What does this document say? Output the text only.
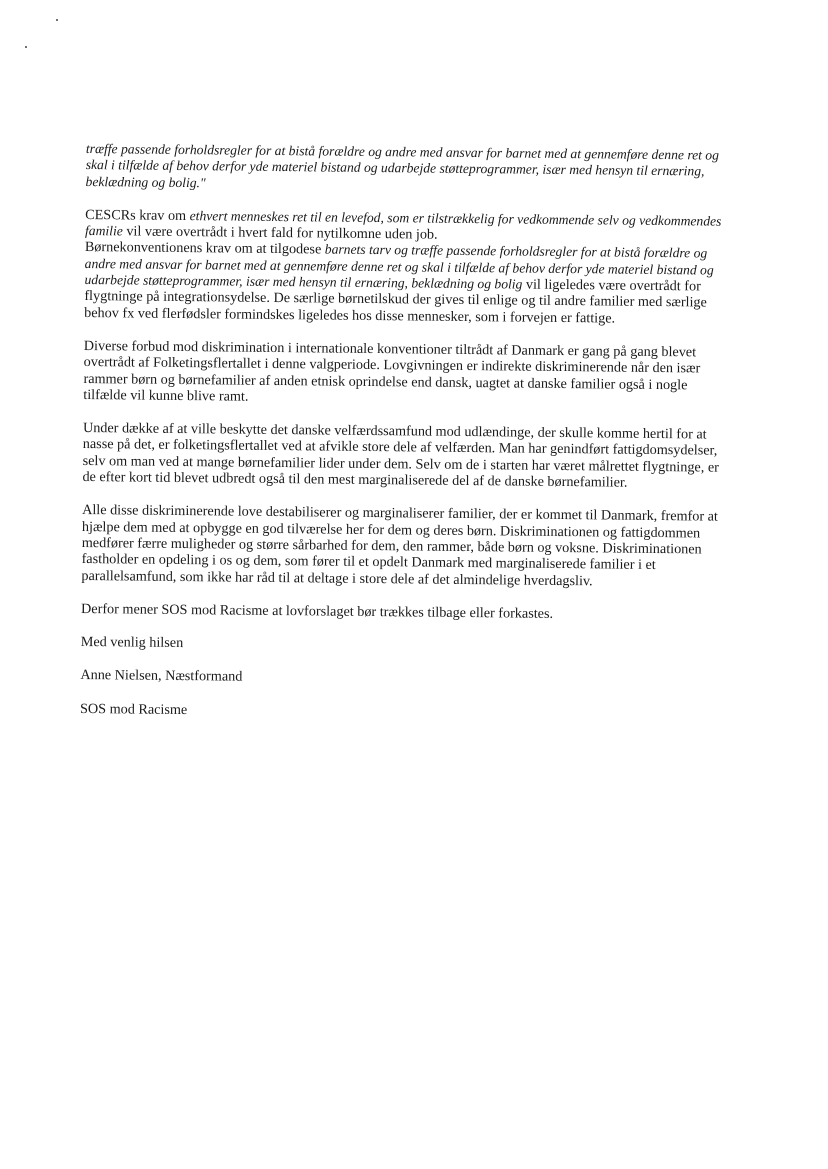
træffe passende forholdsregler for at bistå forældre og andre med ansvar for barnet med at gennemføre denne ret og skal i tilfælde af behov derfor yde materiel bistand og udarbejde støtteprogrammer, især med hensyn til ernæring, beklædning og bolig."

CESCRs krav om ethvert menneskes ret til en levefod, som er tilstrækkelig for vedkommende selv og vedkommendes familie vil være overtrådt i hvert fald for nytilkomne uden job.
Børnekonventionens krav om at tilgodese barnets tarv og træffe passende forholdsregler for at bistå forældre og andre med ansvar for barnet med at gennemføre denne ret og skal i tilfælde af behov derfor yde materiel bistand og udarbejde støtteprogrammer, især med hensyn til ernæring, beklædning og bolig vil ligeledes være overtrådt for flygtninge på integrationsydelse. De særlige børnetilskud der gives til enlige og til andre familier med særlige behov fx ved flerfødsler formindskes ligeledes hos disse mennesker, som i forvejen er fattige.

Diverse forbud mod diskrimination i internationale konventioner tiltrådt af Danmark er gang på gang blevet overtrådt af Folketingsflertallet i denne valgperiode. Lovgivningen er indirekte diskriminerende når den især rammer børn og børnefamilier af anden etnisk oprindelse end dansk, uagtet at danske familier også i nogle tilfælde vil kunne blive ramt.

Under dække af at ville beskytte det danske velfærdssamfund mod udlændinge, der skulle komme hertil for at nasse på det, er folketingsflertallet ved at afvikle store dele af velfærden. Man har genindført fattigdomsydelser, selv om man ved at mange børnefamilier lider under dem. Selv om de i starten har været målrettet flygtninge, er de efter kort tid blevet udbredt også til den mest marginaliserede del af de danske børnefamilier.

Alle disse diskriminerende love destabiliserer og marginaliserer familier, der er kommet til Danmark, fremfor at hjælpe dem med at opbygge en god tilværelse her for dem og deres børn. Diskriminationen og fattigdommen medfører færre muligheder og større sårbarhed for dem, den rammer, både børn og voksne. Diskriminationen fastholder en opdeling i os og dem, som fører til et opdelt Danmark med marginaliserede familier i et parallelsamfund, som ikke har råd til at deltage i store dele af det almindelige hverdagsliv.

Derfor mener SOS mod Racisme at lovforslaget bør trækkes tilbage eller forkastes.

Med venlig hilsen

Anne Nielsen, Næstformand

SOS mod Racisme
